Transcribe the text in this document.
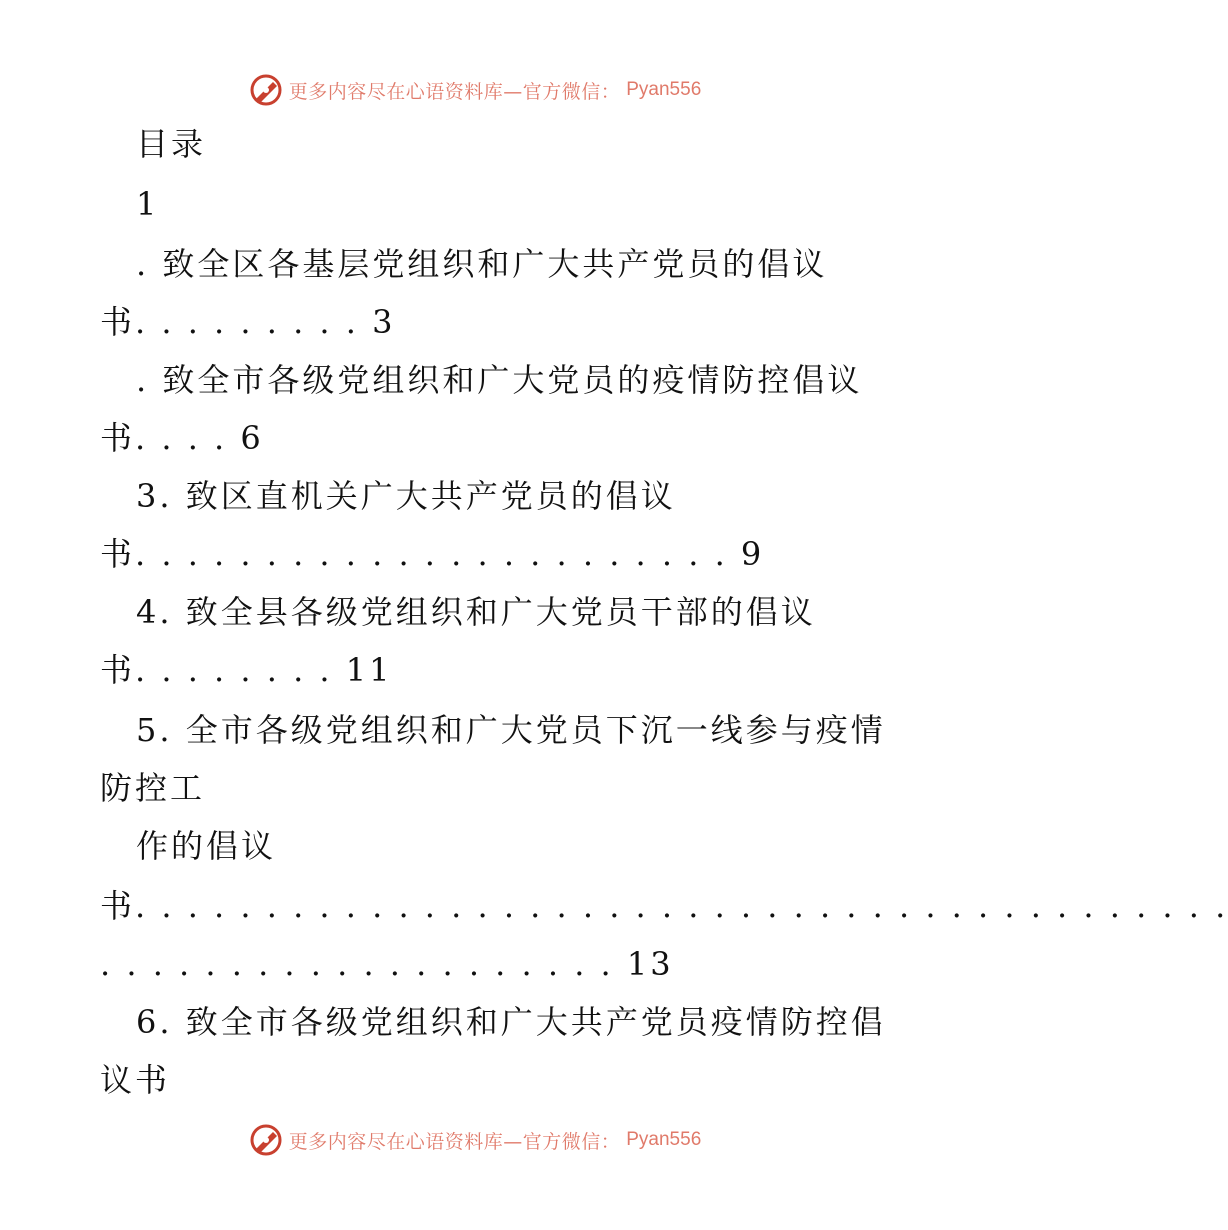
更多内容尽在心语资料库—官方微信： Pyan556
目录
1
. 致全区各基层党组织和广大共产党员的倡议
书. . . . . . . . . 3
. 致全市各级党组织和广大党员的疫情防控倡议
书. . . . 6
3. 致区直机关广大共产党员的倡议
书. . . . . . . . . . . . . . . . . . . . . . . 9
4. 致全县各级党组织和广大党员干部的倡议
书. . . . . . . . 11
5. 全市各级党组织和广大党员下沉一线参与疫情
防控工
作的倡议
书. . . . . . . . . . . . . . . . . . . . . . . . . . . . . . . . . . . . . . . . . .
. . . . . . . . . . . . . . . . . . . . 13
6. 致全市各级党组织和广大共产党员疫情防控倡
议书
更多内容尽在心语资料库—官方微信： Pyan556
